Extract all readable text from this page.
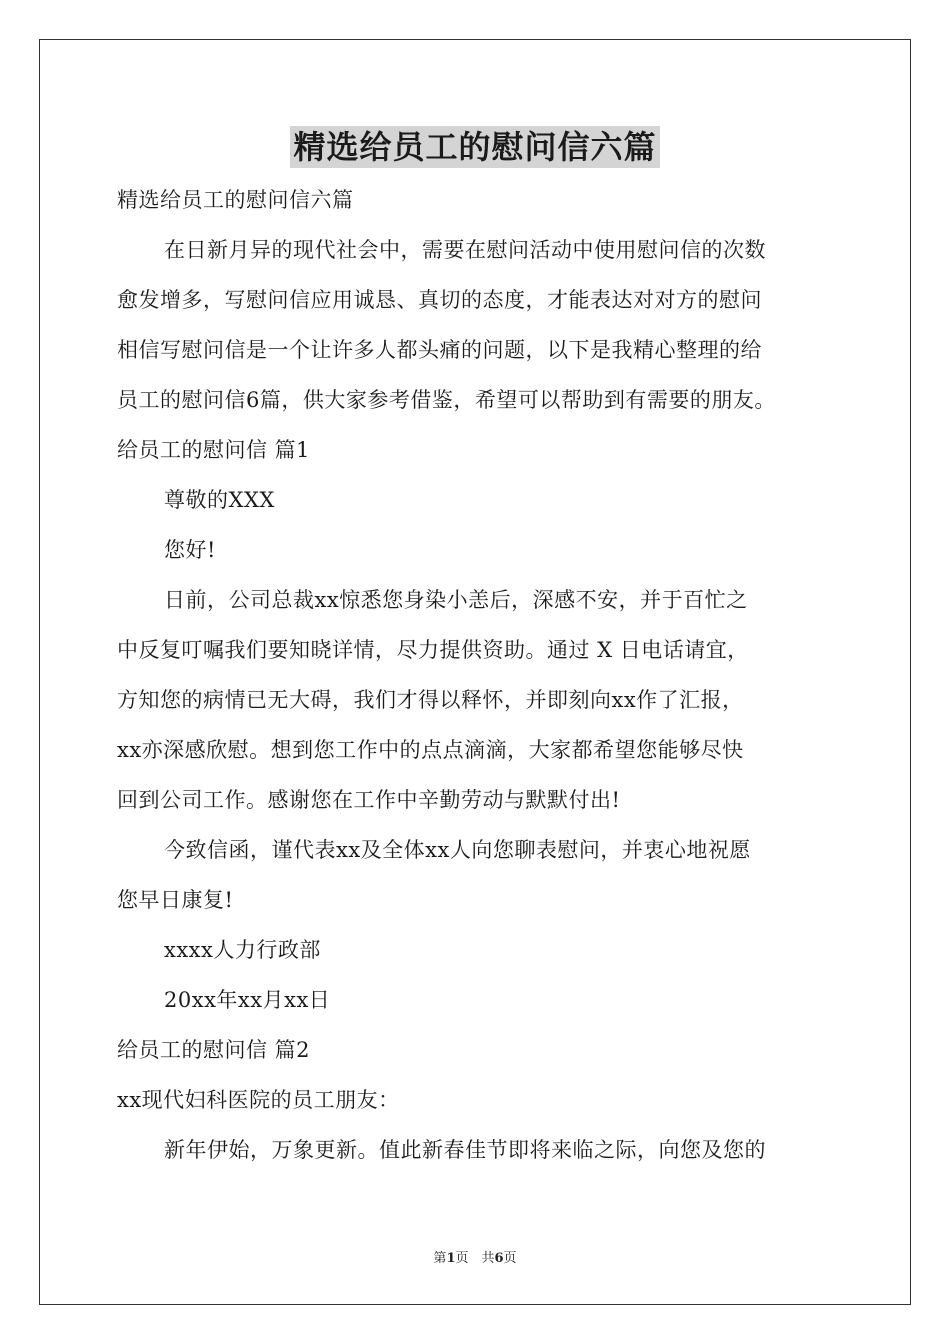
精选给员工的慰问信六篇
精选给员工的慰问信六篇
在日新月异的现代社会中，需要在慰问活动中使用慰问信的次数
愈发增多，写慰问信应用诚恳、真切的态度，才能表达对对方的慰问
相信写慰问信是一个让许多人都头痛的问题，以下是我精心整理的给
员工的慰问信6篇，供大家参考借鉴，希望可以帮助到有需要的朋友。
给员工的慰问信 篇1
尊敬的XXX
您好!
日前，公司总裁xx惊悉您身染小恙后，深感不安，并于百忙之
中反复叮嘱我们要知晓详情，尽力提供资助。通过 X 日电话请宜，
方知您的病情已无大碍，我们才得以释怀，并即刻向xx作了汇报，
xx亦深感欣慰。想到您工作中的点点滴滴，大家都希望您能够尽快
回到公司工作。感谢您在工作中辛勤劳动与默默付出!
今致信函，谨代表xx及全体xx人向您聊表慰问，并衷心地祝愿
您早日康复!
xxxx人力行政部
20xx年xx月xx日
给员工的慰问信 篇2
xx现代妇科医院的员工朋友：
新年伊始，万象更新。值此新春佳节即将来临之际，向您及您的
第1页　共6页
